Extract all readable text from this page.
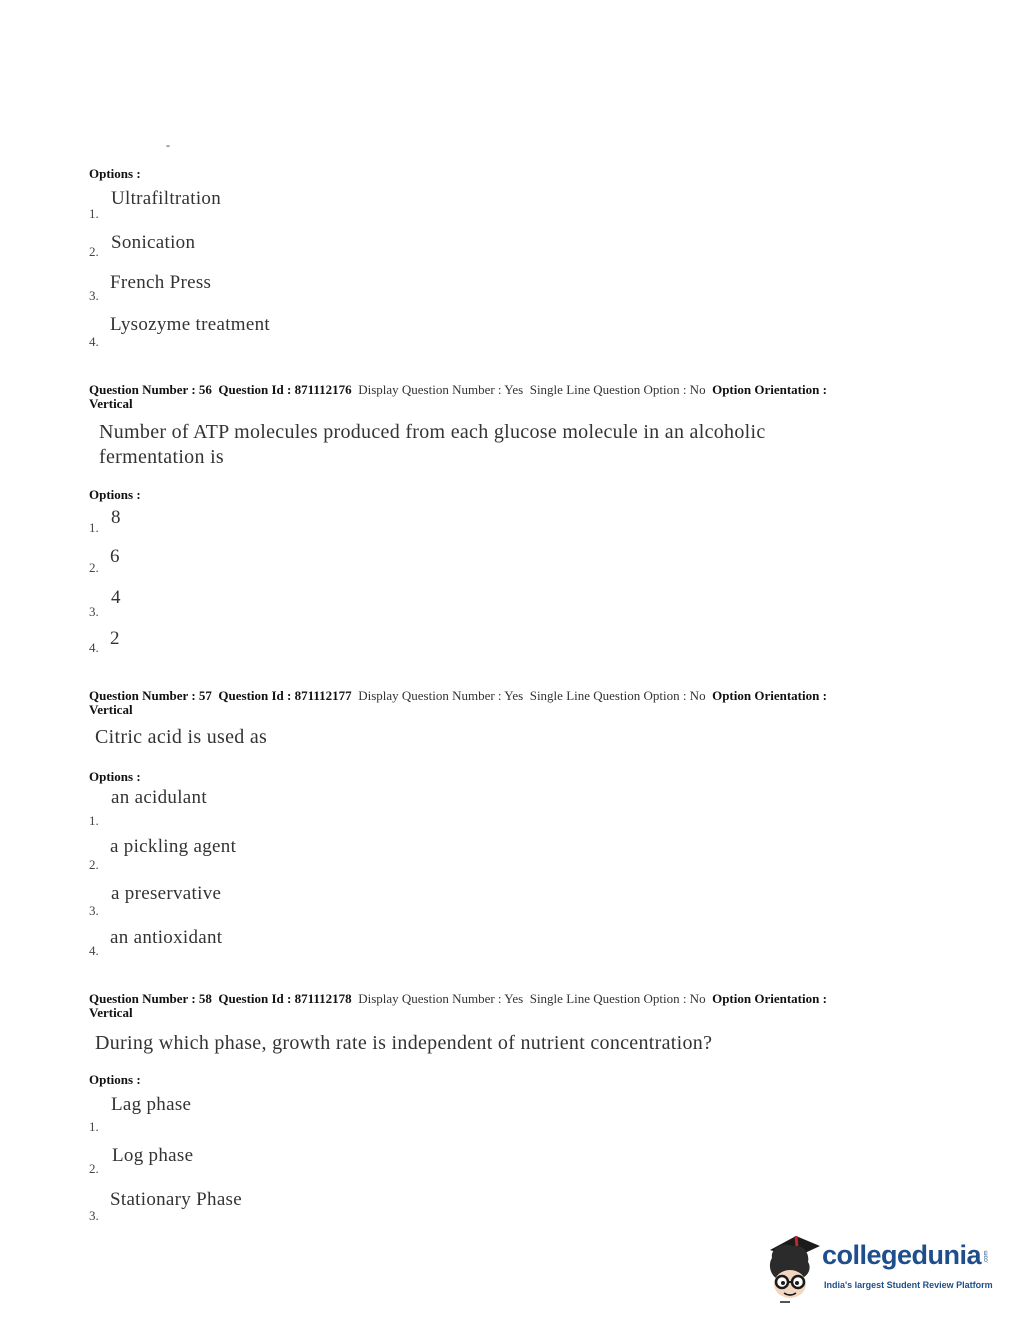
-
Options :
Ultrafiltration
1.
Sonication
2.
French Press
3.
Lysozyme treatment
4.
Question Number : 56 Question Id : 871112176 Display Question Number : Yes Single Line Question Option : No Option Orientation : Vertical
Number of ATP molecules produced from each glucose molecule in an alcoholic
fermentation is
Options :
8
1.
6
2.
4
3.
2
4.
Question Number : 57 Question Id : 871112177 Display Question Number : Yes Single Line Question Option : No Option Orientation : Vertical
Citric acid is used as
Options :
an acidulant
1.
a pickling agent
2.
a preservative
3.
an antioxidant
4.
Question Number : 58 Question Id : 871112178 Display Question Number : Yes Single Line Question Option : No Option Orientation : Vertical
During which phase, growth rate is independent of nutrient concentration?
Options :
Lag phase
1.
Log phase
2.
Stationary Phase
3.
collegedunia .com
India's largest Student Review Platform
